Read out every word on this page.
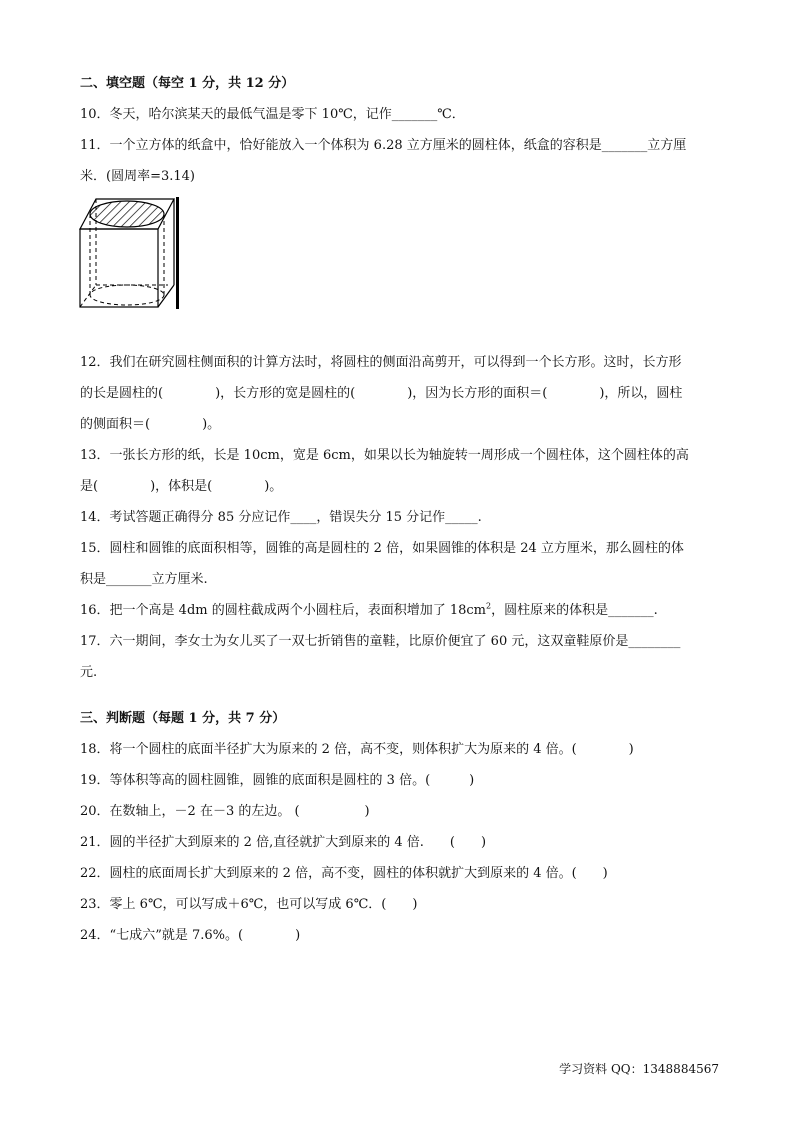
二、填空题（每空 1 分，共 12 分）
10．冬天，哈尔滨某天的最低气温是零下 10℃，记作_______℃．
11．一个立方体的纸盒中，恰好能放入一个体积为 6.28 立方厘米的圆柱体，纸盒的容积是_______立方厘
米．(圆周率=3.14)
12．我们在研究圆柱侧面积的计算方法时，将圆柱的侧面沿高剪开，可以得到一个长方形。这时，长方形
的长是圆柱的(　　　　)，长方形的宽是圆柱的(　　　　)，因为长方形的面积＝(　　　　)，所以，圆柱
的侧面积＝(　　　　)。
13．一张长方形的纸，长是 10cm，宽是 6cm，如果以长为轴旋转一周形成一个圆柱体，这个圆柱体的高
是(　　　　)，体积是(　　　　)。
14．考试答题正确得分 85 分应记作____，错误失分 15 分记作_____.
15．圆柱和圆锥的底面积相等，圆锥的高是圆柱的 2 倍，如果圆锥的体积是 24 立方厘米，那么圆柱的体
积是_______立方厘米.
16．把一个高是 4dm 的圆柱截成两个小圆柱后，表面积增加了 $18cm^2$，圆柱原来的体积是_______.
17．六一期间，李女士为女儿买了一双七折销售的童鞋，比原价便宜了 60 元，这双童鞋原价是________
元.
三、判断题（每题 1 分，共 7 分）
18．将一个圆柱的底面半径扩大为原来的 2 倍，高不变，则体积扩大为原来的 4 倍。(　　　　)
19．等体积等高的圆柱圆锥，圆锥的底面积是圆柱的 3 倍。(　　　)
20．在数轴上，－2 在－3 的左边。 (　　　　　)
21．圆的半径扩大到原来的 2 倍,直径就扩大到原来的 4 倍.　　(　　)
22．圆柱的底面周长扩大到原来的 2 倍，高不变，圆柱的体积就扩大到原来的 4 倍。(　　)
23．零上 6℃，可以写成＋6℃，也可以写成 6℃．(　　)
24．“七成六”就是 7.6%。(　　　　)
学习资料 QQ：1348884567
